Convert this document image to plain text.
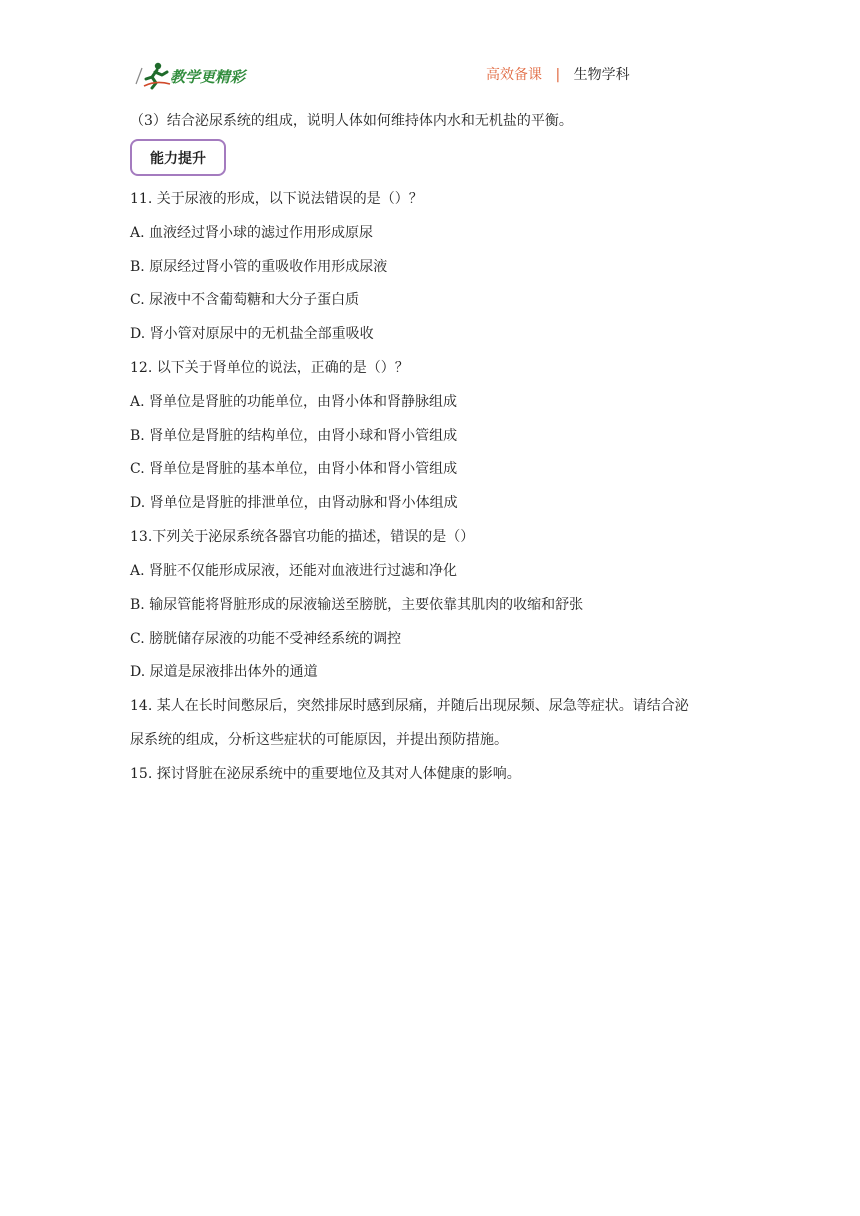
教学更精彩	高效备课 | 生物学科
（3）结合泌尿系统的组成，说明人体如何维持体内水和无机盐的平衡。
能力提升
11. 关于尿液的形成，以下说法错误的是（）？
A. 血液经过肾小球的滤过作用形成原尿
B. 原尿经过肾小管的重吸收作用形成尿液
C. 尿液中不含葡萄糖和大分子蛋白质
D. 肾小管对原尿中的无机盐全部重吸收
12. 以下关于肾单位的说法，正确的是（）？
A. 肾单位是肾脏的功能单位，由肾小体和肾静脉组成
B. 肾单位是肾脏的结构单位，由肾小球和肾小管组成
C. 肾单位是肾脏的基本单位，由肾小体和肾小管组成
D. 肾单位是肾脏的排泄单位，由肾动脉和肾小体组成
13.下列关于泌尿系统各器官功能的描述，错误的是（）
A. 肾脏不仅能形成尿液，还能对血液进行过滤和净化
B. 输尿管能将肾脏形成的尿液输送至膀胱，主要依靠其肌肉的收缩和舒张
C. 膀胱储存尿液的功能不受神经系统的调控
D. 尿道是尿液排出体外的通道
14. 某人在长时间憋尿后，突然排尿时感到尿痛，并随后出现尿频、尿急等症状。请结合泌
尿系统的组成，分析这些症状的可能原因，并提出预防措施。
15. 探讨肾脏在泌尿系统中的重要地位及其对人体健康的影响。
